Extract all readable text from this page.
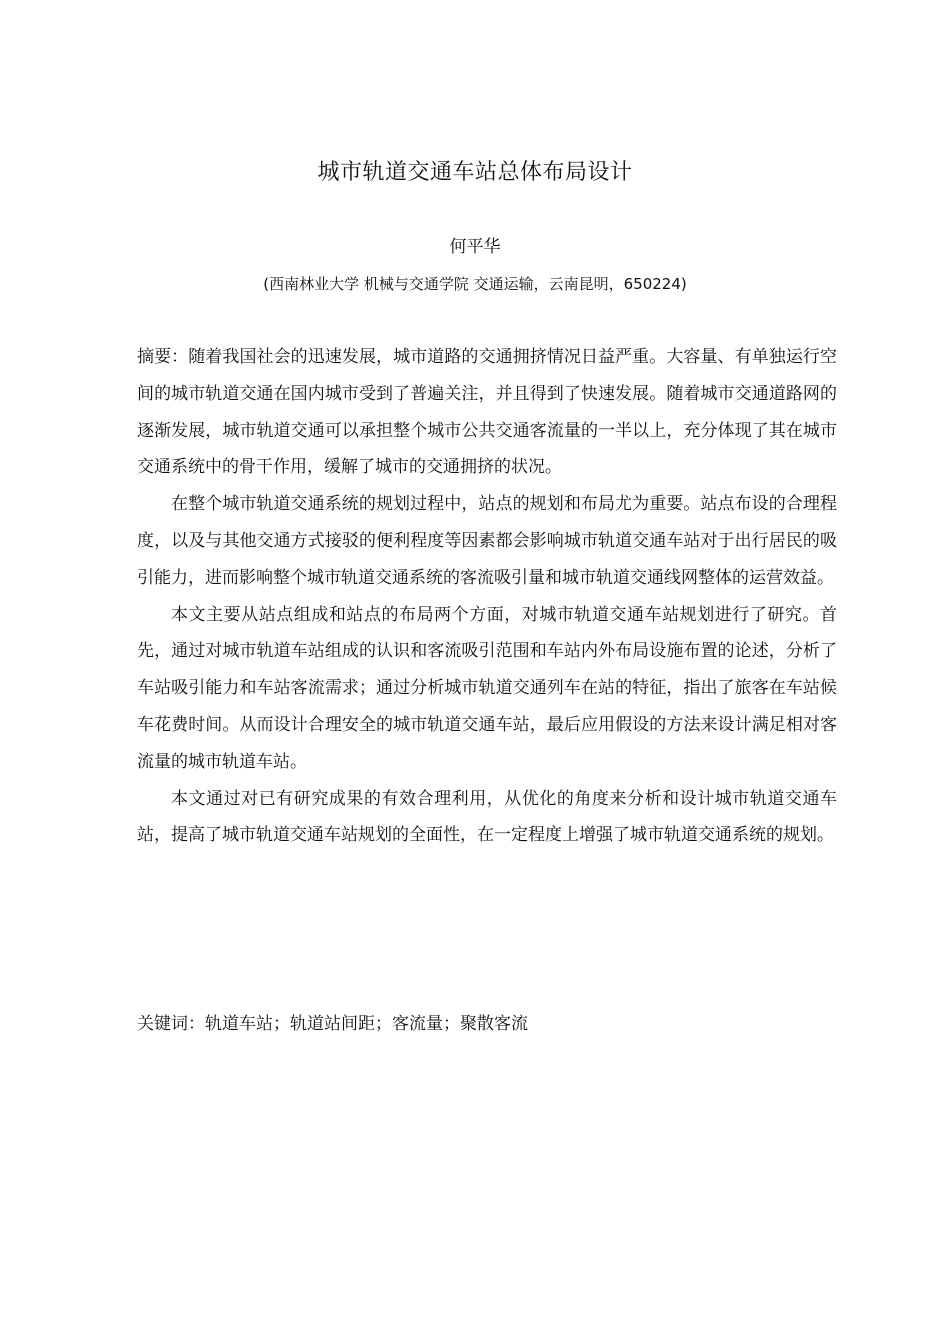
城市轨道交通车站总体布局设计
何平华
(西南林业大学 机械与交通学院 交通运输，云南昆明，650224)

摘要：随着我国社会的迅速发展，城市道路的交通拥挤情况日益严重。大容量、有单独运行空间的城市轨道交通在国内城市受到了普遍关注，并且得到了快速发展。随着城市交通道路网的逐渐发展，城市轨道交通可以承担整个城市公共交通客流量的一半以上，充分体现了其在城市交通系统中的骨干作用，缓解了城市的交通拥挤的状况。

在整个城市轨道交通系统的规划过程中，站点的规划和布局尤为重要。站点布设的合理程度，以及与其他交通方式接驳的便利程度等因素都会影响城市轨道交通车站对于出行居民的吸引能力，进而影响整个城市轨道交通系统的客流吸引量和城市轨道交通线网整体的运营效益。

本文主要从站点组成和站点的布局两个方面，对城市轨道交通车站规划进行了研究。首先，通过对城市轨道车站组成的认识和客流吸引范围和车站内外布局设施布置的论述，分析了车站吸引能力和车站客流需求；通过分析城市轨道交通列车在站的特征，指出了旅客在车站候车花费时间。从而设计合理安全的城市轨道交通车站，最后应用假设的方法来设计满足相对客流量的城市轨道车站。

本文通过对已有研究成果的有效合理利用，从优化的角度来分析和设计城市轨道交通车站，提高了城市轨道交通车站规划的全面性，在一定程度上增强了城市轨道交通系统的规划。

关键词：轨道车站；轨道站间距；客流量；聚散客流
